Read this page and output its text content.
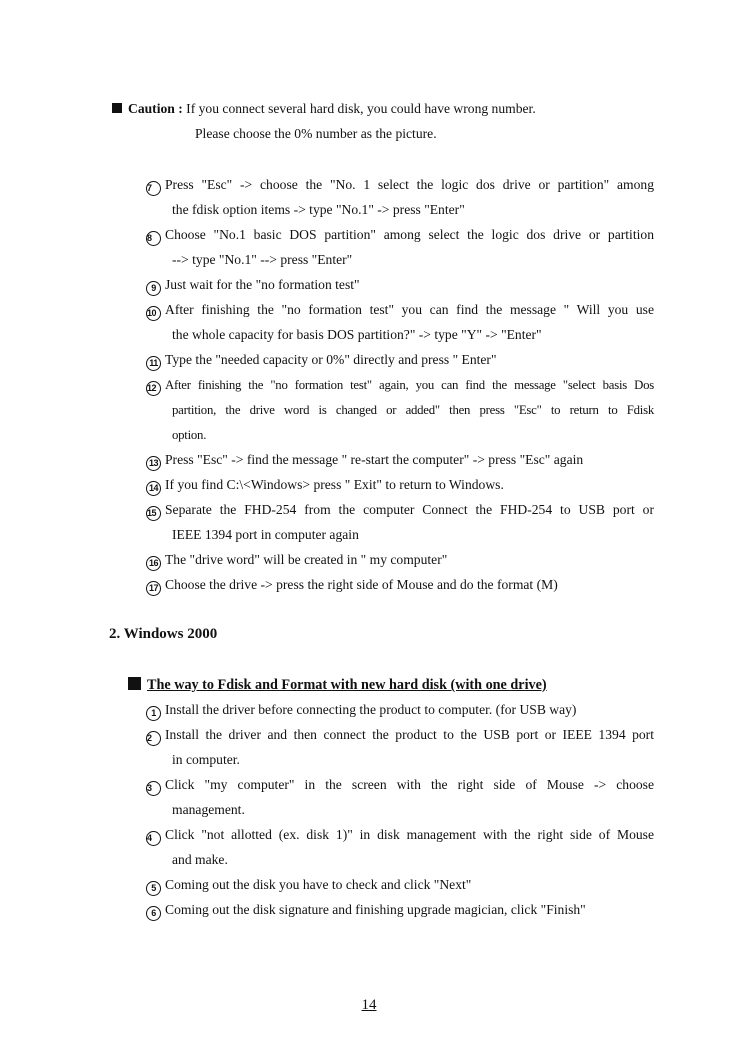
Caution : If you connect several hard disk, you could have wrong number.
Please choose the 0% number as the picture.
7 Press "Esc" -> choose the "No. 1 select the logic dos drive or partition" among
the fdisk option items -> type "No.1" -> press "Enter"
8 Choose "No.1 basic DOS partition" among select the logic dos drive or partition
--> type "No.1" --> press "Enter"
9 Just wait for the "no formation test"
10 After finishing the "no formation test" you can find the message " Will you use
the whole capacity for basis DOS partition?" -> type "Y" -> "Enter"
11 Type the "needed capacity or 0%" directly and press " Enter"
12 After finishing the "no formation test" again, you can find the message "select basis Dos
partition, the drive word is changed or added" then press "Esc" to return to Fdisk
option.
13 Press "Esc" -> find the message " re-start the computer" -> press "Esc" again
14 If you find C:\<Windows> press " Exit" to return to Windows.
15 Separate the FHD-254 from the computer Connect the FHD-254 to USB port or
IEEE 1394 port in computer again
16 The "drive word" will be created in " my computer"
17 Choose the drive -> press the right side of Mouse and do the format (M)
2. Windows 2000
The way to Fdisk and Format with new hard disk (with one drive)
1 Install the driver before connecting the product to computer. (for USB way)
2 Install the driver and then connect the product to the USB port or IEEE 1394 port
in computer.
3 Click "my computer" in the screen with the right side of Mouse -> choose
management.
4 Click "not allotted (ex. disk 1)" in disk management with the right side of Mouse
and make.
5 Coming out the disk you have to check and click "Next"
6 Coming out the disk signature and finishing upgrade magician, click "Finish"
14
